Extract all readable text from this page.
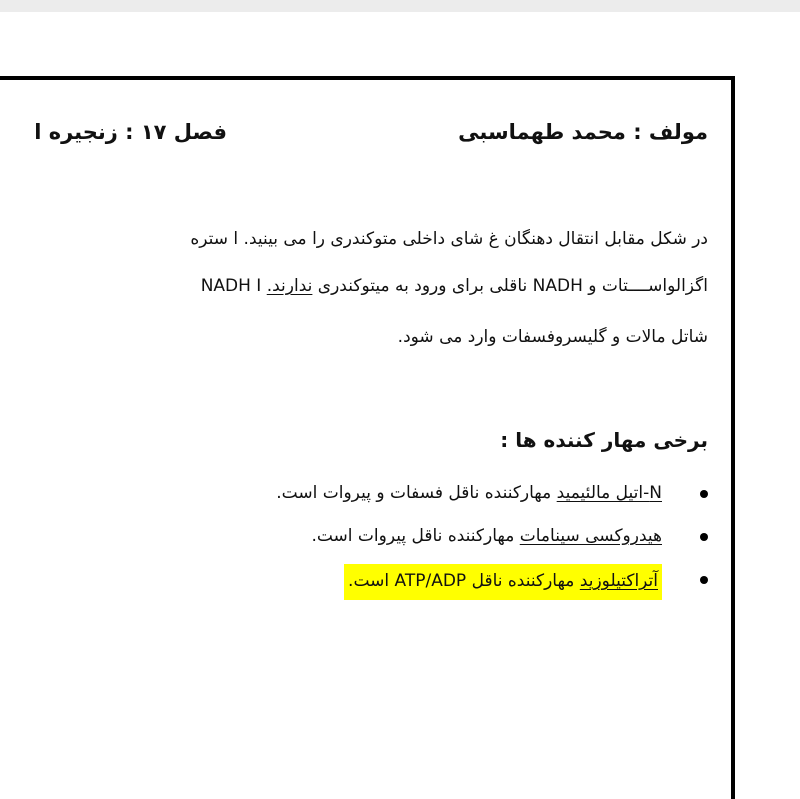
مولف : محمد طهماسبی
فصل ۱۷ : زنجیره ا
در شکل مقابل انتقال دهنگان غ شای داخلی متوکندری را می بینید. ا ستره
اگزالواســــتات و NADH ناقلی برای ورود به میتوکندری ندارند. NADH I
شاتل مالات و گلیسروفسفات وارد می شود.
برخی مهار کننده ها :
N-اتیل مالئیمید مهارکننده ناقل فسفات و پیروات است.
هیدروکسی سینامات مهارکننده ناقل پیروات است.
آتراکتیلوزید مهارکننده ناقل ATP/ADP است.
